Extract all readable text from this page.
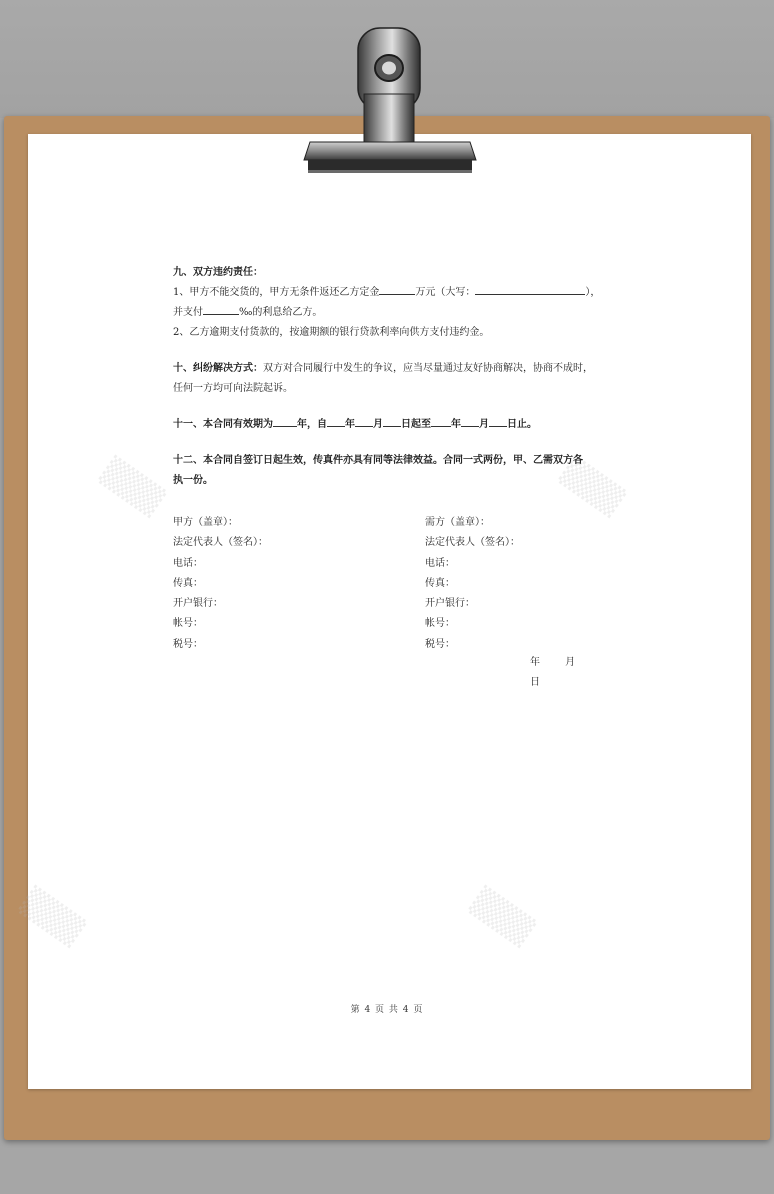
▒▒▒	▒▒▒
▒▒▒	▒▒▒

九、双方违约责任：

1、甲方不能交货的，甲方无条件返还乙方定金	万元（大写：	），

并支付	‰的利息给乙方。

2、乙方逾期支付货款的，按逾期额的银行贷款利率向供方支付违约金。

十、纠纷解决方式：双方对合同履行中发生的争议，应当尽量通过友好协商解决，协商不成时，

任何一方均可向法院起诉。

十一、本合同有效期为 年，自 年 月 日起至 年 月 日止。

十二、本合同自签订日起生效，传真件亦具有同等法律效益。合同一式两份，甲、乙需双方各

执一份。

甲方（盖章）：

法定代表人（签名）：

电话：

传真：

开户银行：

帐号：

税号：

需方（盖章）：

法定代表人（签名）：

电话：

传真：

开户银行：

帐号：

税号：

年 月 日

第 4 页 共 4 页
